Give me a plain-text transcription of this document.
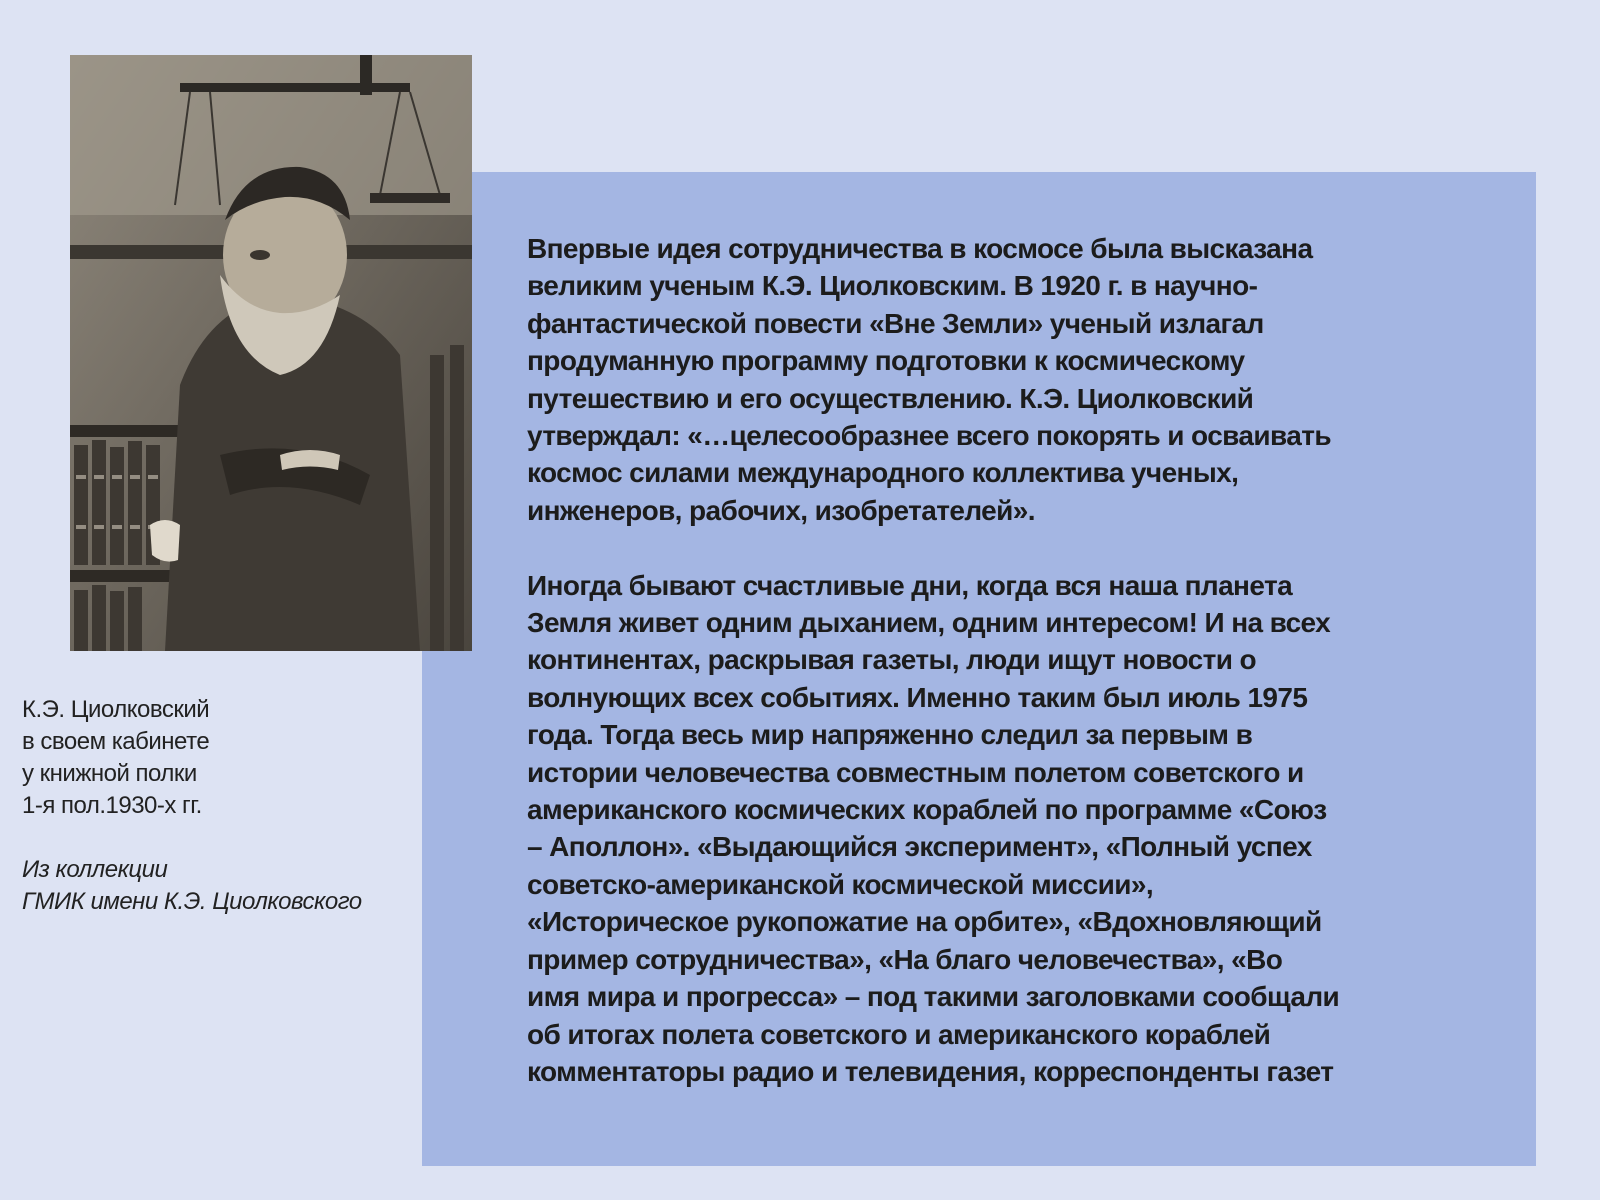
К.Э. Циолковский
в своем кабинете
у книжной полки
1-я пол.1930-х гг.
Из коллекции
ГМИК имени К.Э. Циолковского

Впервые идея сотрудничества в космосе была высказана
великим ученым К.Э. Циолковским. В 1920 г. в научно-
фантастической повести «Вне Земли» ученый излагал
продуманную программу подготовки к космическому
путешествию и его осуществлению. К.Э. Циолковский
утверждал: «…целесообразнее всего покорять и осваивать
космос силами международного коллектива ученых,
инженеров, рабочих, изобретателей».

Иногда бывают счастливые дни, когда вся наша планета
Земля живет одним дыханием, одним интересом! И на всех
континентах, раскрывая газеты, люди ищут новости о
волнующих всех событиях. Именно таким был июль 1975
года. Тогда весь мир напряженно следил за первым в
истории человечества совместным полетом советского и
американского космических кораблей по программе «Союз
– Аполлон». «Выдающийся эксперимент», «Полный успех
советско-американской космической миссии»,
«Историческое рукопожатие на орбите», «Вдохновляющий
пример сотрудничества», «На благо человечества», «Во
имя мира и прогресса» – под такими заголовками сообщали
об итогах полета советского и американского кораблей
комментаторы радио и телевидения, корреспонденты газет
